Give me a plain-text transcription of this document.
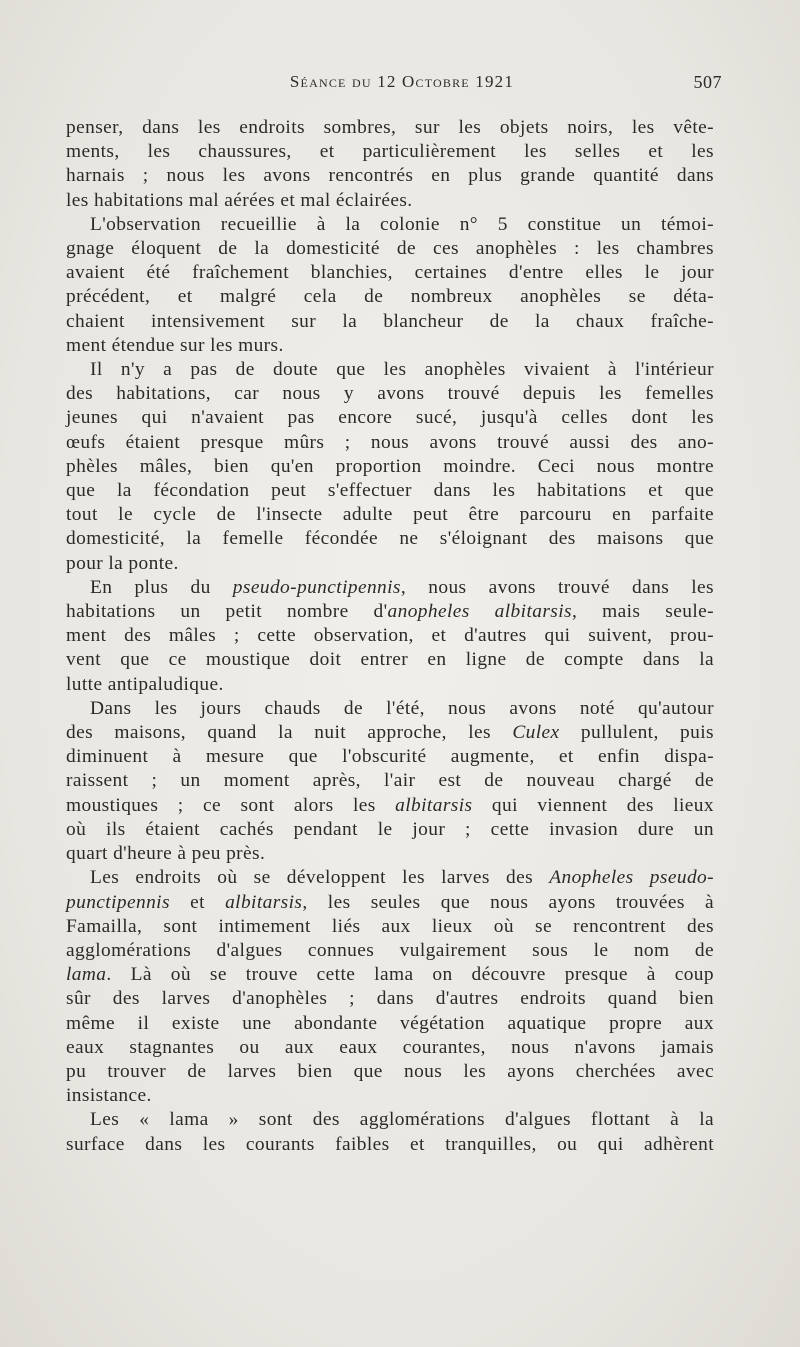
Séance du 12 Octobre 1921	507
penser, dans les endroits sombres, sur les objets noirs, les vête-
ments, les chaussures, et particulièrement les selles et les
harnais ; nous les avons rencontrés en plus grande quantité dans
les habitations mal aérées et mal éclairées.
L'observation recueillie à la colonie n° 5 constitue un témoi-
gnage éloquent de la domesticité de ces anophèles : les chambres
avaient été fraîchement blanchies, certaines d'entre elles le jour
précédent, et malgré cela de nombreux anophèles se déta-
chaient intensivement sur la blancheur de la chaux fraîche-
ment étendue sur les murs.
Il n'y a pas de doute que les anophèles vivaient à l'intérieur
des habitations, car nous y avons trouvé depuis les femelles
jeunes qui n'avaient pas encore sucé, jusqu'à celles dont les
œufs étaient presque mûrs ; nous avons trouvé aussi des ano-
phèles mâles, bien qu'en proportion moindre. Ceci nous montre
que la fécondation peut s'effectuer dans les habitations et que
tout le cycle de l'insecte adulte peut être parcouru en parfaite
domesticité, la femelle fécondée ne s'éloignant des maisons que
pour la ponte.
En plus du pseudo-punctipennis, nous avons trouvé dans les
habitations un petit nombre d'anopheles albitarsis, mais seule-
ment des mâles ; cette observation, et d'autres qui suivent, prou-
vent que ce moustique doit entrer en ligne de compte dans la
lutte antipaludique.
Dans les jours chauds de l'été, nous avons noté qu'autour
des maisons, quand la nuit approche, les Culex pullulent, puis
diminuent à mesure que l'obscurité augmente, et enfin dispa-
raissent ; un moment après, l'air est de nouveau chargé de
moustiques ; ce sont alors les albitarsis qui viennent des lieux
où ils étaient cachés pendant le jour ; cette invasion dure un
quart d'heure à peu près.
Les endroits où se développent les larves des Anopheles pseudo-
punctipennis et albitarsis, les seules que nous ayons trouvées à
Famailla, sont intimement liés aux lieux où se rencontrent des
agglomérations d'algues connues vulgairement sous le nom de
lama. Là où se trouve cette lama on découvre presque à coup
sûr des larves d'anophèles ; dans d'autres endroits quand bien
même il existe une abondante végétation aquatique propre aux
eaux stagnantes ou aux eaux courantes, nous n'avons jamais
pu trouver de larves bien que nous les ayons cherchées avec
insistance.
Les « lama » sont des agglomérations d'algues flottant à la
surface dans les courants faibles et tranquilles, ou qui adhèrent
